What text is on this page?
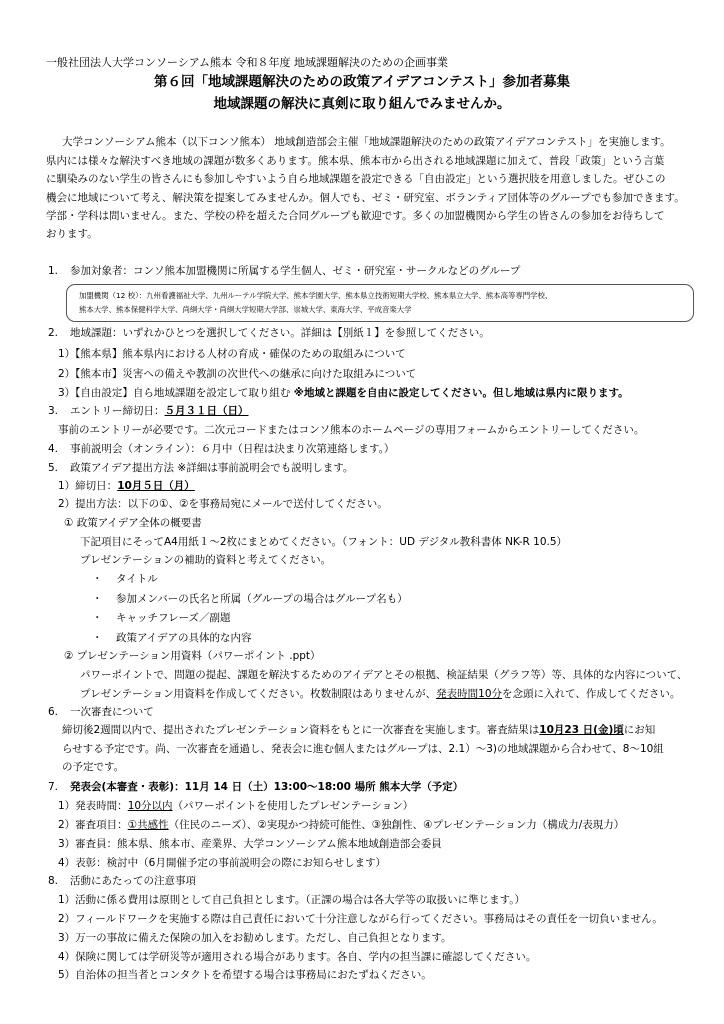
一般社団法人大学コンソーシアム熊本 令和８年度 地域課題解決のための企画事業
第６回「地域課題解決のための政策アイデアコンテスト」参加者募集
地域課題の解決に真剣に取り組んでみませんか。
大学コンソーシアム熊本（以下コンソ熊本） 地域創造部会主催「地域課題解決のための政策アイデアコンテスト」を実施します。
県内には様々な解決すべき地域の課題が数多くあります。熊本県、熊本市から出される地域課題に加えて、普段「政策」という言葉
に馴染みのない学生の皆さんにも参加しやすいよう自ら地域課題を設定できる「自由設定」という選択肢を用意しました。ぜひこの
機会に地域について考え、解決策を提案してみませんか。個人でも、ゼミ・研究室、ボランティア団体等のグループでも参加できます。
学部・学科は問いません。また、学校の枠を超えた合同グループも歓迎です。多くの加盟機関から学生の皆さんの参加をお待ちして
おります。
1. 参加対象者：コンソ熊本加盟機関に所属する学生個人、ゼミ・研究室・サークルなどのグループ
加盟機関（12 校）：九州看護福祉大学、九州ルーテル学院大学、熊本学園大学、熊本県立技術短期大学校、熊本県立大学、熊本高等専門学校、
熊本大学、熊本保健科学大学、尚絅大学・尚絅大学短期大学部、崇城大学、東海大学、平成音楽大学
2. 地域課題：いずれかひとつを選択してください。詳細は【別紙１】を参照してください。
1）【熊本県】熊本県内における人材の育成・確保のための取組みについて
2）【熊本市】災害への備えや教訓の次世代への継承に向けた取組みについて
3）【自由設定】自ら地域課題を設定して取り組む ※地域と課題を自由に設定してください。但し地域は県内に限ります。
3. エントリー締切日：５月３１日（日）
事前のエントリーが必要です。二次元コードまたはコンソ熊本のホームページの専用フォームからエントリーしてください。
4. 事前説明会（オンライン）：６月中（日程は決まり次第連絡します。）
5. 政策アイデア提出方法 ※詳細は事前説明会でも説明します。
1）締切日：10月５日（月）
2）提出方法：以下の①、②を事務局宛にメールで送付してください。
① 政策アイデア全体の概要書
下記項目にそってA4用紙１～2枚にまとめてください。（フォント：UD デジタル教科書体 NK-R 10.5）
プレゼンテーションの補助的資料と考えてください。
・ タイトル
・ 参加メンバーの氏名と所属（グループの場合はグループ名も）
・ キャッチフレーズ／副題
・ 政策アイデアの具体的な内容
② プレゼンテーション用資料（パワーポイント .ppt）
パワーポイントで、問題の提起、課題を解決するためのアイデアとその根拠、検証結果（グラフ等）等、具体的な内容について、
プレゼンテーション用資料を作成してください。枚数制限はありませんが、発表時間10分を念頭に入れて、作成してください。
6. 一次審査について
締切後2週間以内で、提出されたプレゼンテーション資料をもとに一次審査を実施します。審査結果は10月23 日(金)頃にお知
らせする予定です。尚、一次審査を通過し、発表会に進む個人またはグループは、2.1）～3)の地域課題から合わせて、8～10組
の予定です。
7. 発表会(本審査・表彰)：11月 14 日（土）13:00～18:00 場所 熊本大学（予定）
1）発表時間：10分以内（パワーポイントを使用したプレゼンテーション）
2）審査項目：①共感性（住民のニーズ）、②実現かつ持続可能性、③独創性、④プレゼンテーション力（構成力/表現力）
3）審査員：熊本県、熊本市、産業界、大学コンソーシアム熊本地域創造部会委員
4）表彰：検討中（6月開催予定の事前説明会の際にお知らせします）
8. 活動にあたっての注意事項
1）活動に係る費用は原則として自己負担とします。（正課の場合は各大学等の取扱いに準じます。）
2）フィールドワークを実施する際は自己責任において十分注意しながら行ってください。事務局はその責任を一切負いません。
3）万一の事故に備えた保険の加入をお勧めします。ただし、自己負担となります。
4）保険に関しては学研災等が適用される場合があります。各自、学内の担当課に確認してください。
5）自治体の担当者とコンタクトを希望する場合は事務局におたずねください。
